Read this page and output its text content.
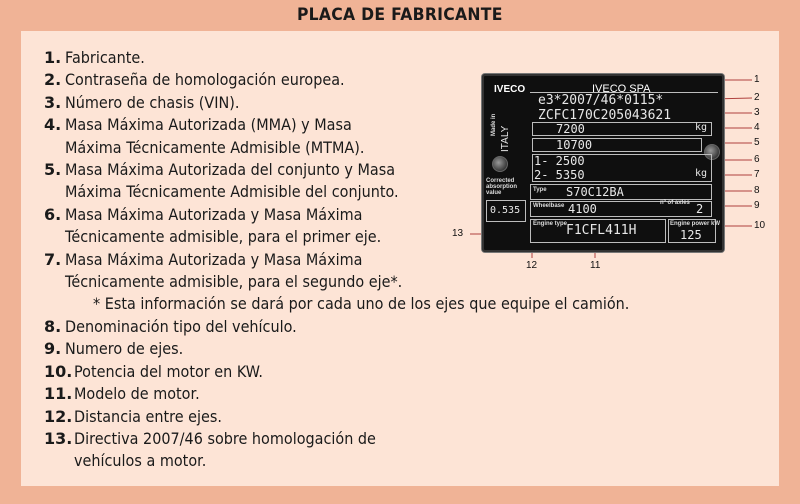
PLACA DE FABRICANTE
1. Fabricante.
2. Contraseña de homologación europea.
3. Número de chasis (VIN).
4. Masa Máxima Autorizada (MMA) y Masa
Máxima Técnicamente Admisible (MTMA).
5. Masa Máxima Autorizada del conjunto y Masa
Máxima Técnicamente Admisible del conjunto.
6. Masa Máxima Autorizada y Masa Máxima
Técnicamente admisible, para el primer eje.
7. Masa Máxima Autorizada y Masa Máxima
Técnicamente admisible, para el segundo eje*.
* Esta información se dará por cada uno de los ejes que equipe el camión.
8. Denominación tipo del vehículo.
9. Numero de ejes.
10. Potencia del motor en KW.
11. Modelo de motor.
12. Distancia entre ejes.
13. Directiva 2007/46 sobre homologación de
vehículos a motor.
IVECO	IVECO SPA
Made in
ITALY
Corrected absorption value
0.535
e3*2007/46*0115*
ZCFC170C205043621
7200	kg
10700
1- 2500
2- 5350	kg
Type S70C12BA
Wheelbase 4100	nº of axles 2
Engine type
F1CFL411H	Engine power kW
125
1
2
3
4
5
6
7
8
9
10
11
12
13
